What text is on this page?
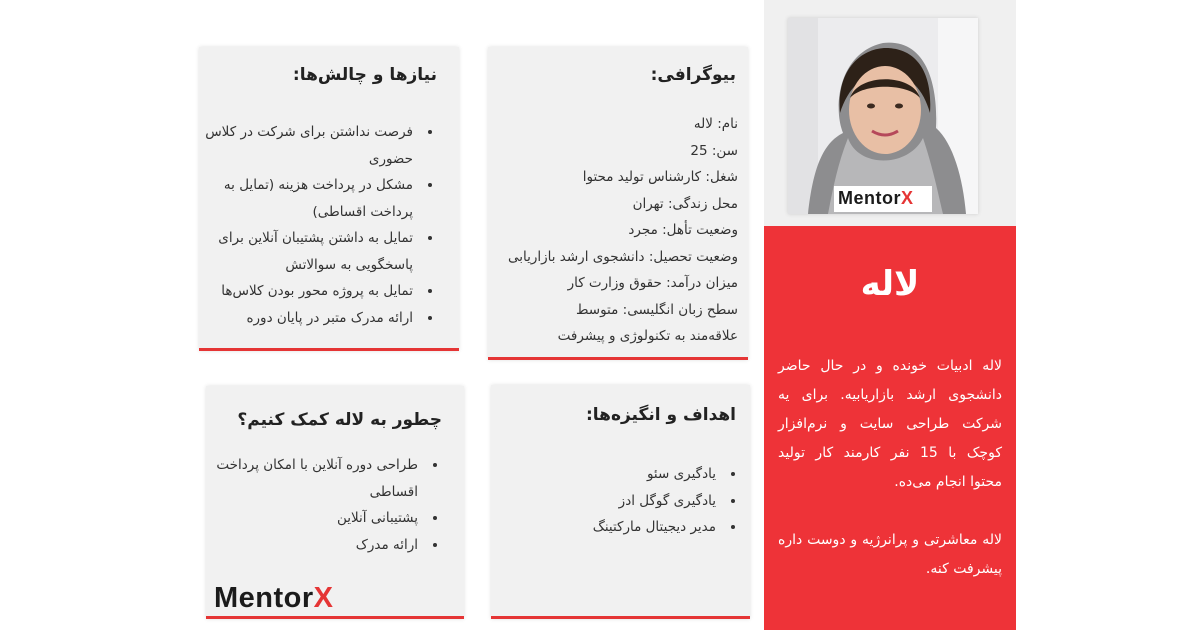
نیازها و چالش‌ها:
• فرصت نداشتن برای شرکت در کلاس حضوری
• مشکل در پرداخت هزینه (تمایل به پرداخت اقساطی)
• تمایل به داشتن پشتیبان آنلاین برای پاسخگویی به سوالاتش
• تمایل به پروژه محور بودن کلاس‌ها
• ارائه مدرک متبر در پایان دوره
بیوگرافی:
نام: لاله
سن: 25
شغل: کارشناس تولید محتوا
محل زندگی: تهران
وضعیت تأهل: مجرد
وضعیت تحصیل: دانشجوی ارشد بازاریابی
میزان درآمد: حقوق وزارت کار
سطح زبان انگلیسی: متوسط
علاقه‌مند به تکنولوژی و پیشرفت
چطور به لاله کمک کنیم؟
• طراحی دوره آنلاین با امکان پرداخت اقساطی
• پشتیبانی آنلاین
• ارائه مدرک
MentorX
اهداف و انگیزه‌ها:
• یادگیری سئو
• یادگیری گوگل ادز
• مدیر دیجیتال مارکتینگ
MentorX
لاله

لاله ادبیات خونده و در حال حاضر دانشجوی ارشد بازاریابیه. برای یه شرکت طراحی سایت و نرم‌افزار کوچک با 15 نفر کارمند کار تولید محتوا انجام می‌ده.

لاله معاشرتی و پرانرژیه و دوست داره پیشرفت کنه.
